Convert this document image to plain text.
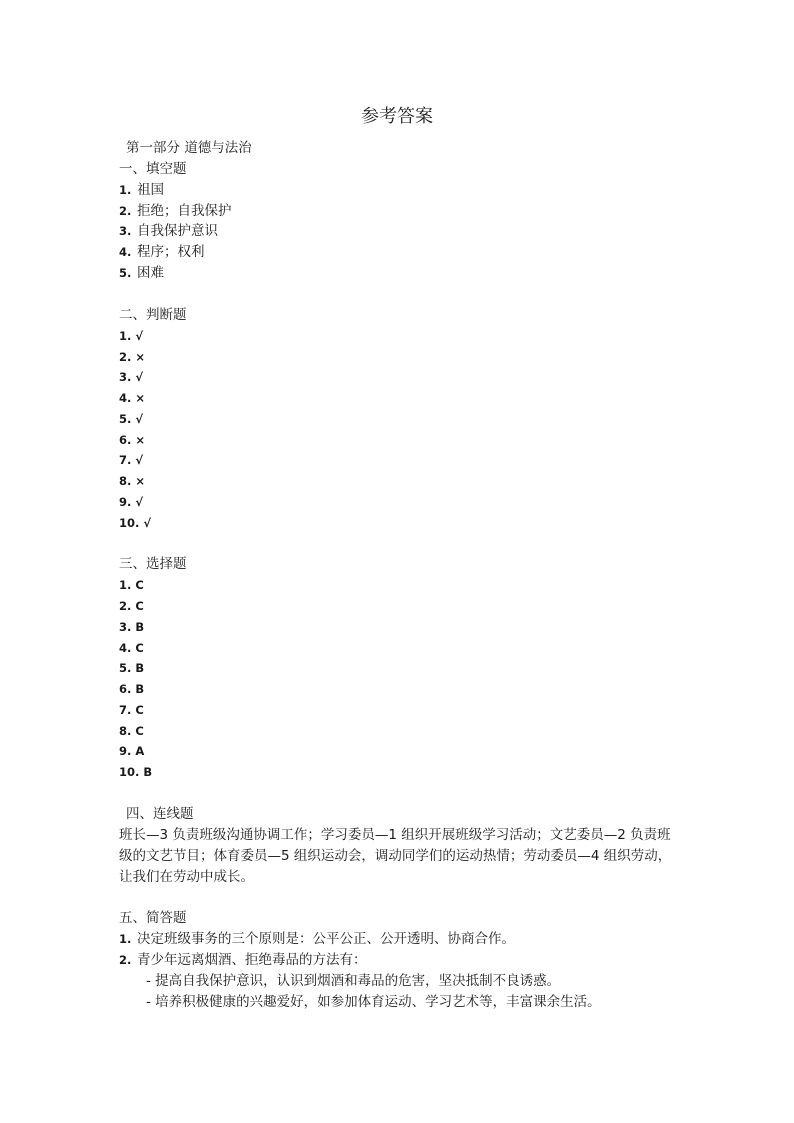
参考答案
第一部分 道德与法治
一、填空题
1. 祖国
2. 拒绝；自我保护
3. 自我保护意识
4. 程序；权利
5. 困难
二、判断题
1. √
2. ×
3. √
4. ×
5. √
6. ×
7. √
8. ×
9. √
10. √
三、选择题
1. C
2. C
3. B
4. C
5. B
6. B
7. C
8. C
9. A
10. B
四、连线题
班长—3 负责班级沟通协调工作；学习委员—1 组织开展班级学习活动；文艺委员—2 负责班
级的文艺节目；体育委员—5 组织运动会，调动同学们的运动热情；劳动委员—4 组织劳动，
让我们在劳动中成长。
五、简答题
1. 决定班级事务的三个原则是：公平公正、公开透明、协商合作。
2. 青少年远离烟酒、拒绝毒品的方法有：
- 提高自我保护意识，认识到烟酒和毒品的危害，坚决抵制不良诱惑。
- 培养积极健康的兴趣爱好，如参加体育运动、学习艺术等，丰富课余生活。
